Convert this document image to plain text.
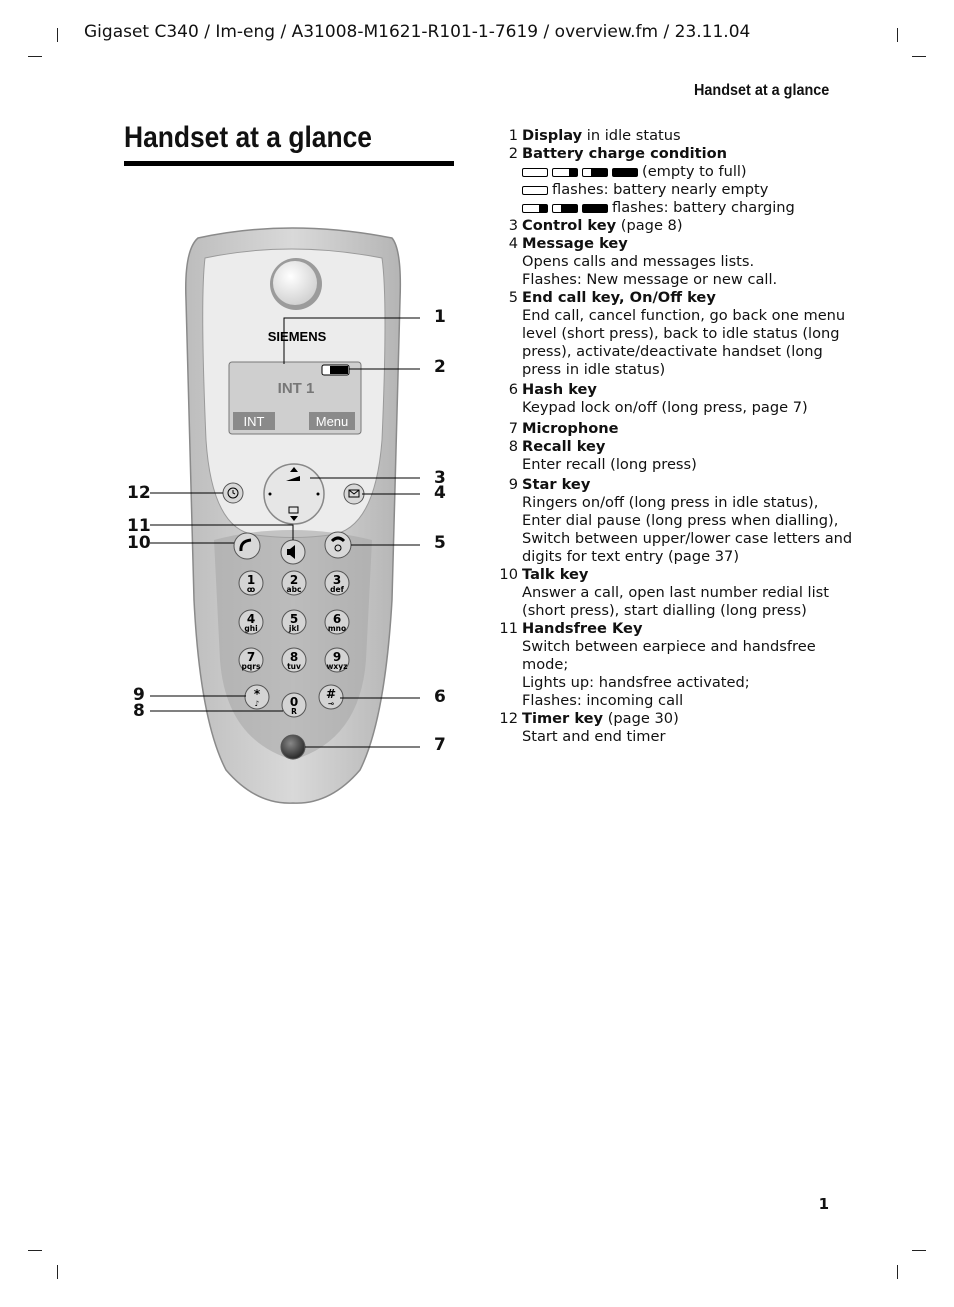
Gigaset C340 / Im-eng / A31008-M1621-R101-1-7619 / overview.fm / 23.11.04
Handset at a glance
Handset at a glance
SIEMENS
INT 1
INT	Menu
1
ꝏ
2
abc
3
def
4
ghi
5
jkl
6
mno
7
pqrs
8
tuv
9
wxyz
*
♪	0
R
#
⊸
1
2
3
4
5
6
7
8
9
10
11
12
1 Display in idle status
2 Battery charge condition
(empty to full)
flashes: battery nearly empty
flashes: battery charging
3 Control key (page 8)
4 Message key
Opens calls and messages lists.
Flashes: New message or new call.
5 End call key, On/Off key
End call, cancel function, go back one menu level (short press), back to idle status (long press), activate/deactivate handset (long press in idle status)
6 Hash key
Keypad lock on/off (long press, page 7)
7 Microphone
8 Recall key
Enter recall (long press)
9 Star key
Ringers on/off (long press in idle status), Enter dial pause (long press when dialling), Switch between upper/lower case letters and digits for text entry (page 37)
10 Talk key
Answer a call, open last number redial list (short press), start dialling (long press)
11 Handsfree Key
Switch between earpiece and handsfree mode;
Lights up: handsfree activated;
Flashes: incoming call
12 Timer key (page 30)
Start and end timer
1
